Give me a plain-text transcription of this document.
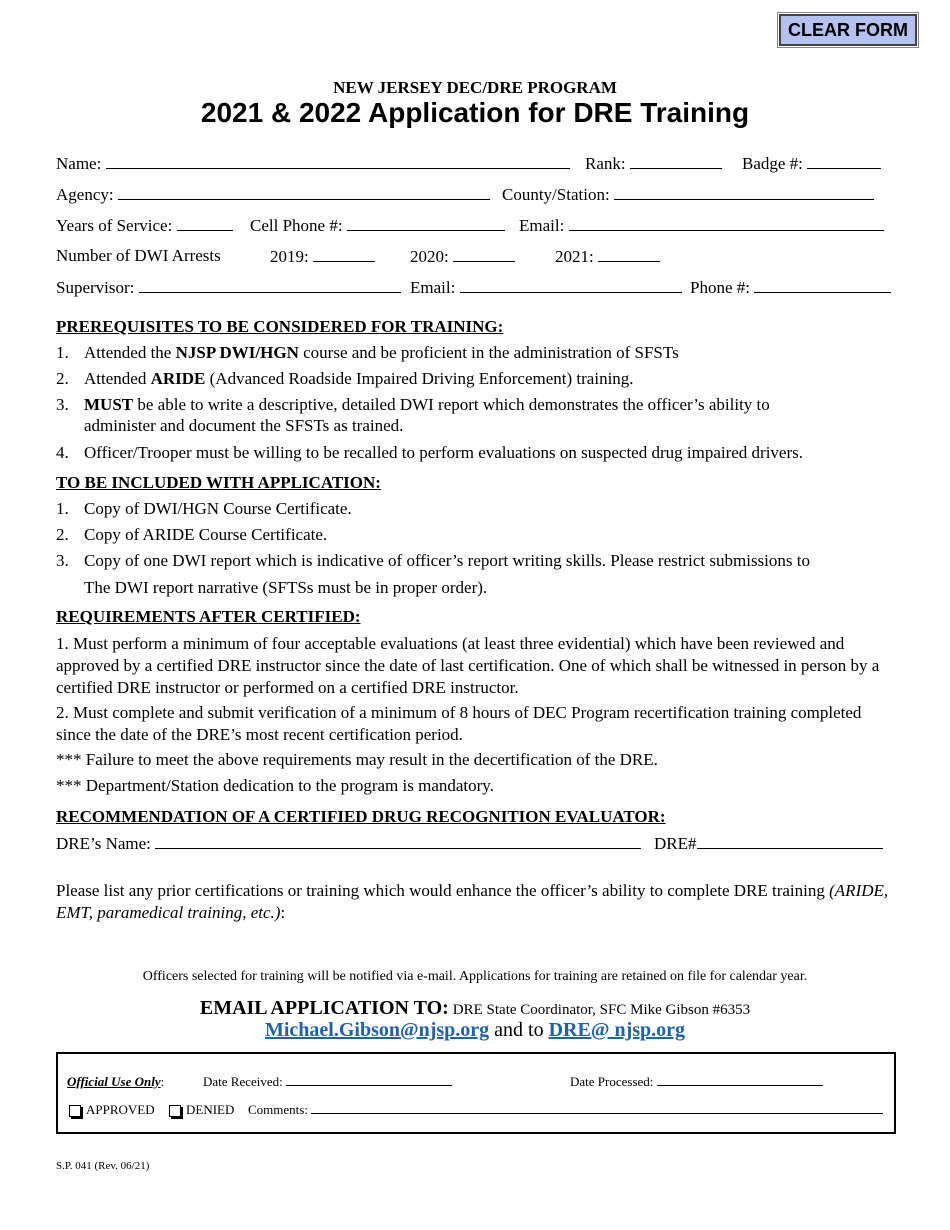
CLEAR FORM
NEW JERSEY DEC/DRE PROGRAM
2021 & 2022 Application for DRE Training
Name:	Rank:	Badge #:
Agency:	County/Station:
Years of Service:	Cell Phone #:	Email:
Number of DWI Arrests	2019:	2020:	2021:
Supervisor:	Email:	Phone #:
PREREQUISITES TO BE CONSIDERED FOR TRAINING:
1. Attended the NJSP DWI/HGN course and be proficient in the administration of SFSTs
2. Attended ARIDE (Advanced Roadside Impaired Driving Enforcement) training.
3. MUST be able to write a descriptive, detailed DWI report which demonstrates the officer’s ability to
administer and document the SFSTs as trained.
4. Officer/Trooper must be willing to be recalled to perform evaluations on suspected drug impaired drivers.
TO BE INCLUDED WITH APPLICATION:
1. Copy of DWI/HGN Course Certificate.
2. Copy of ARIDE Course Certificate.
3. Copy of one DWI report which is indicative of officer’s report writing skills. Please restrict submissions to
The DWI report narrative (SFTSs must be in proper order).
REQUIREMENTS AFTER CERTIFIED:
1. Must perform a minimum of four acceptable evaluations (at least three evidential) which have been reviewed and approved by a certified DRE instructor since the date of last certification. One of which shall be witnessed in person by a certified DRE instructor or performed on a certified DRE instructor.
2. Must complete and submit verification of a minimum of 8 hours of DEC Program recertification training completed since the date of the DRE’s most recent certification period.
*** Failure to meet the above requirements may result in the decertification of the DRE.
*** Department/Station dedication to the program is mandatory.
RECOMMENDATION OF A CERTIFIED DRUG RECOGNITION EVALUATOR:
DRE’s Name:	DRE#
Please list any prior certifications or training which would enhance the officer’s ability to complete DRE training (ARIDE, EMT, paramedical training, etc.):
Officers selected for training will be notified via e-mail. Applications for training are retained on file for calendar year.
EMAIL APPLICATION TO: DRE State Coordinator, SFC Mike Gibson #6353
Michael.Gibson@njsp.org and to DRE@ njsp.org
Official Use Only:	Date Received:	Date Processed:
APPROVED	DENIED Comments:
S.P. 041 (Rev. 06/21)
